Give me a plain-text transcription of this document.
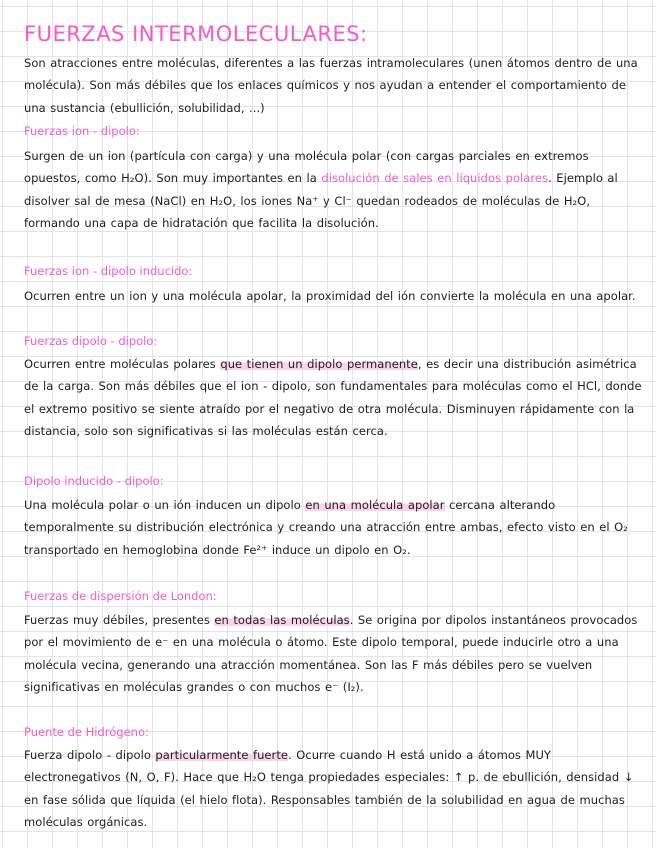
FUERZAS INTERMOLECULARES:

Son atracciones entre moléculas, diferentes a las fuerzas intramoleculares (unen átomos dentro de una molécula). Son más débiles que los enlaces químicos y nos ayudan a entender el comportamiento de una sustancia (ebullición, solubilidad, ...)

Fuerzas ion - dipolo:

Surgen de un ion (partícula con carga) y una molécula polar (con cargas parciales en extremos opuestos, como H₂O). Son muy importantes en la disolución de sales en líquidos polares. Ejemplo al disolver sal de mesa (NaCl) en H₂O, los iones Na⁺ y Cl⁻ quedan rodeados de moléculas de H₂O, formando una capa de hidratación que facilita la disolución.

Fuerzas ion - dipolo inducido:

Ocurren entre un ion y una molécula apolar, la proximidad del ión convierte la molécula en una apolar.

Fuerzas dipolo - dipolo:

Ocurren entre moléculas polares que tienen un dipolo permanente, es decir una distribución asimétrica de la carga. Son más débiles que el ion - dipolo, son fundamentales para moléculas como el HCl, donde el extremo positivo se siente atraído por el negativo de otra molécula. Disminuyen rápidamente con la distancia, solo son significativas si las moléculas están cerca.

Dipolo inducido - dipolo:

Una molécula polar o un ión inducen un dipolo en una molécula apolar cercana alterando temporalmente su distribución electrónica y creando una atracción entre ambas, efecto visto en el O₂ transportado en hemoglobina donde Fe²⁺ induce un dipolo en O₂.

Fuerzas de dispersión de London:

Fuerzas muy débiles, presentes en todas las moléculas. Se origina por dipolos instantáneos provocados por el movimiento de e⁻ en una molécula o átomo. Este dipolo temporal, puede inducirle otro a una molécula vecina, generando una atracción momentánea. Son las F más débiles pero se vuelven significativas en moléculas grandes o con muchos e⁻ (I₂).

Puente de Hidrógeno:

Fuerza dipolo - dipolo particularmente fuerte. Ocurre cuando H está unido a átomos MUY electronegativos (N, O, F). Hace que H₂O tenga propiedades especiales: ↑ p. de ebullición, densidad ↓ en fase sólida que líquida (el hielo flota). Responsables también de la solubilidad en agua de muchas moléculas orgánicas.
